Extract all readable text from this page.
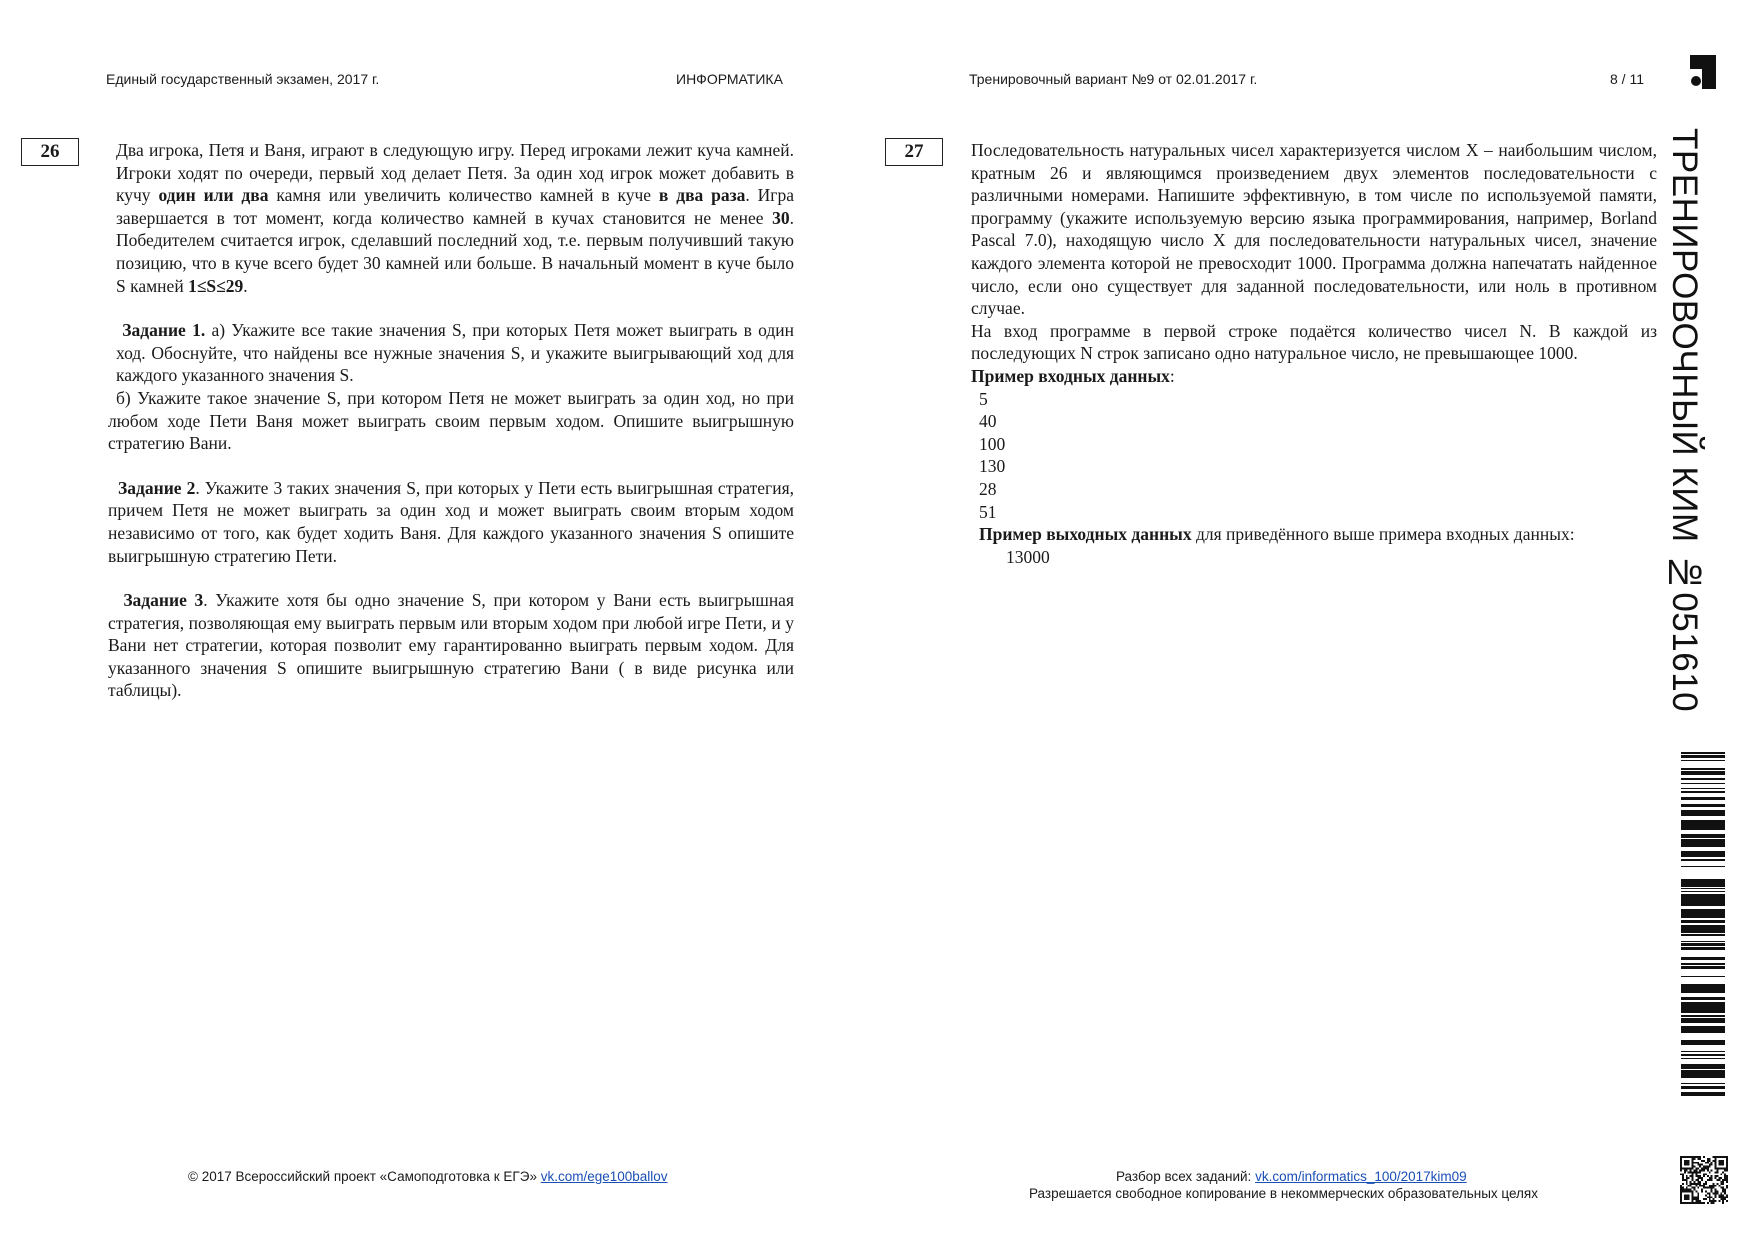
Единый государственный экзамен, 2017 г.	ИНФОРМАТИКА	Тренировочный вариант №9 от 02.01.2017 г.	8 / 11
ТРЕНИРОВОЧНЫЙ КИМ №051610
26	Два игрока, Петя и Ваня, играют в следующую игру. Перед игроками лежит куча камней. Игроки ходят по очереди, первый ход делает Петя. За один ход игрок может добавить в кучу один или два камня или увеличить количество камней в куче в два раза. Игра завершается в тот момент, когда количество камней в кучах становится не менее 30. Победителем считается игрок, сделавший последний ход, т.е. первым получивший такую позицию, что в куче всего будет 30 камней или больше. В начальный момент в куче было S камней 1≤S≤29.

Задание 1. а) Укажите все такие значения S, при которых Петя может выиграть в один ход. Обоснуйте, что найдены все нужные значения S, и укажите выигрывающий ход для каждого указанного значения S.

б) Укажите такое значение S, при котором Петя не может выиграть за один ход, но при любом ходе Пети Ваня может выиграть своим первым ходом. Опишите выигрышную стратегию Вани.

Задание 2. Укажите 3 таких значения S, при которых у Пети есть выигрышная стратегия, причем Петя не может выиграть за один ход и может выиграть своим вторым ходом независимо от того, как будет ходить Ваня. Для каждого указанного значения S опишите выигрышную стратегию Пети.

Задание 3. Укажите хотя бы одно значение S, при котором у Вани есть выигрышная стратегия, позволяющая ему выиграть первым или вторым ходом при любой игре Пети, и у Вани нет стратегии, которая позволит ему гарантированно выиграть первым ходом. Для указанного значения S опишите выигрышную стратегию Вани ( в виде рисунка или таблицы).

27	Последовательность натуральных чисел характеризуется числом X – наибольшим числом, кратным 26 и являющимся произведением двух элементов последовательности с различными номерами. Напишите эффективную, в том числе по используемой памяти, программу (укажите используемую версию языка программирования, например, Borland Pascal 7.0), находящую число X для последовательности натуральных чисел, значение каждого элемента которой не превосходит 1000. Программа должна напечатать найденное число, если оно существует для заданной последовательности, или ноль в противном случае.

На вход программе в первой строке подаётся количество чисел N. В каждой из последующих N строк записано одно натуральное число, не превышающее 1000.

Пример входных данных:

5
40
100
130
28
51

Пример выходных данных для приведённого выше примера входных данных:

13000
© 2017 Всероссийский проект «Самоподготовка к ЕГЭ» vk.com/ege100ballov	Разбор всех заданий: vk.com/informatics_100/2017kim09
Разрешается свободное копирование в некоммерческих образовательных целях
